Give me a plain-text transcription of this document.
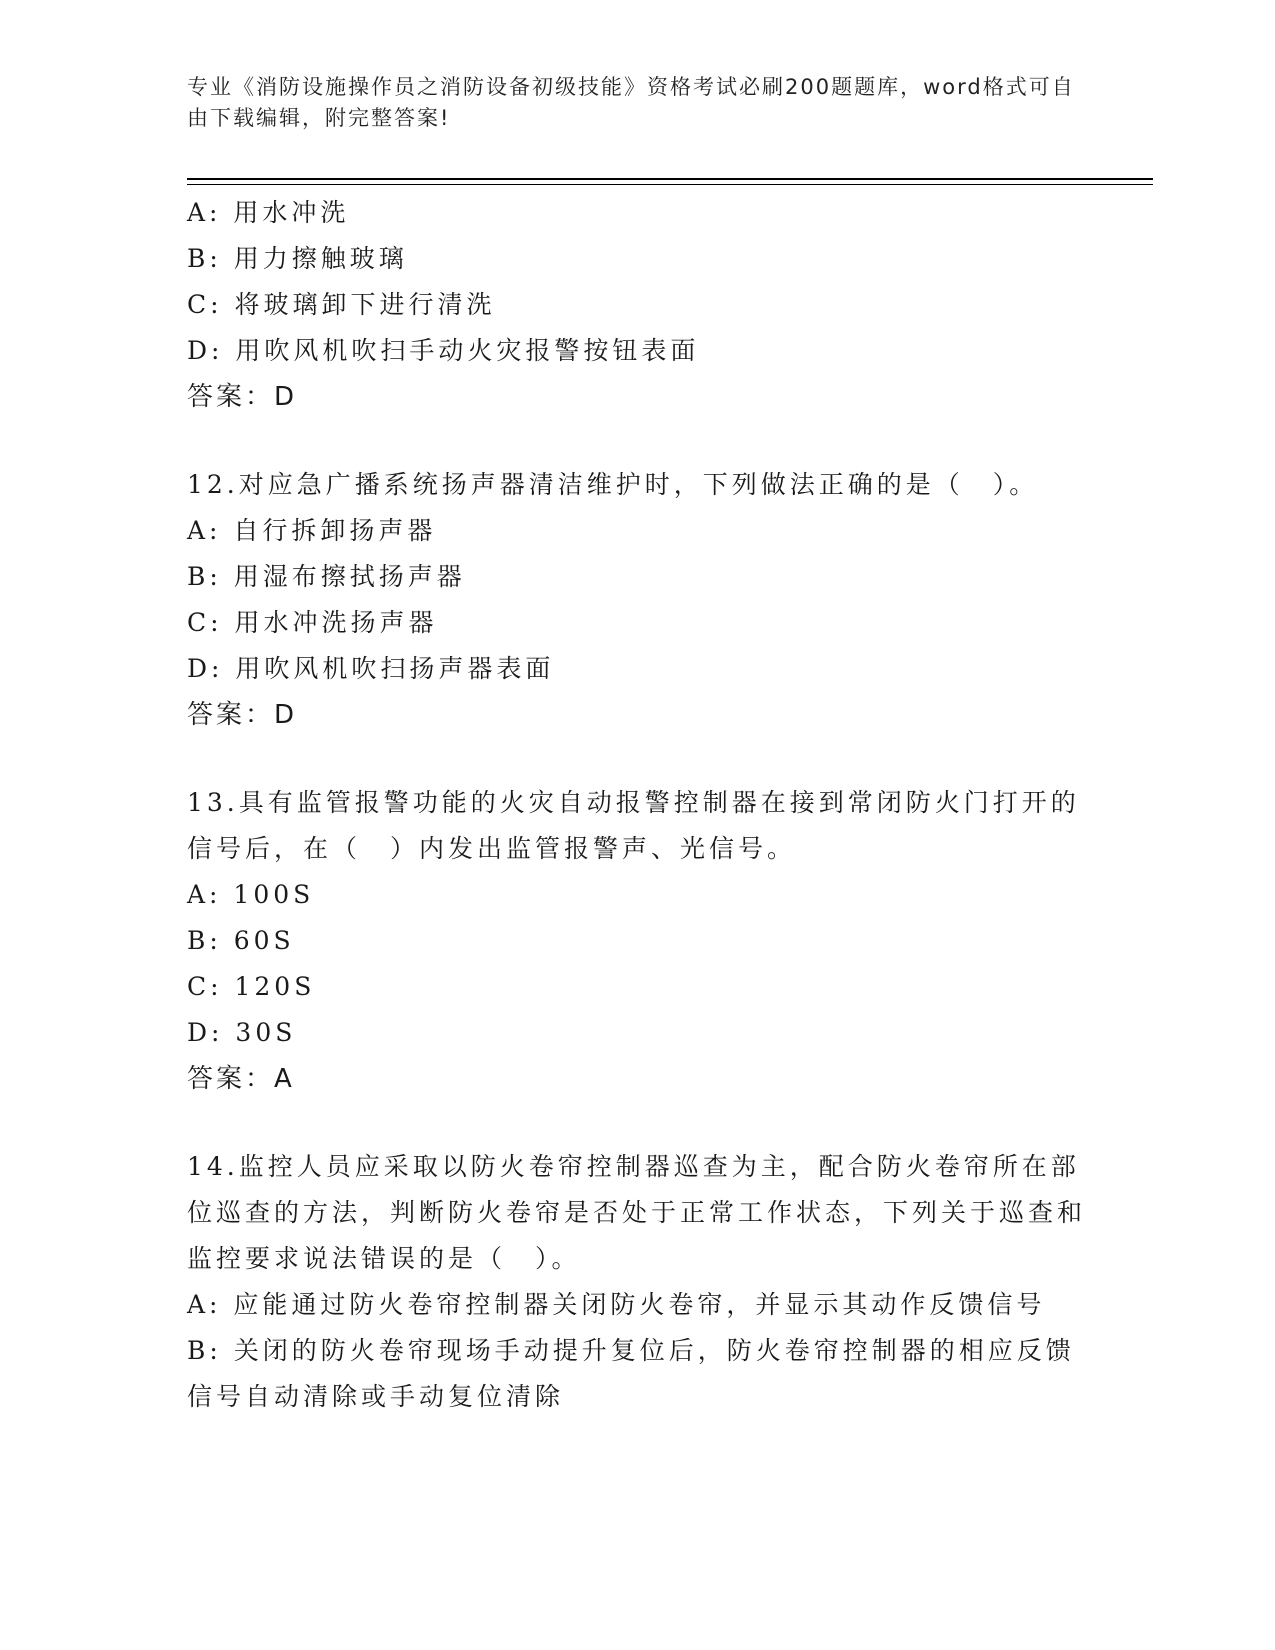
专业《消防设施操作员之消防设备初级技能》资格考试必刷200题题库，word格式可自由下载编辑，附完整答案!
A: 用水冲洗
B: 用力擦触玻璃
C: 将玻璃卸下进行清洗
D: 用吹风机吹扫手动火灾报警按钮表面
答案：D
12.对应急广播系统扬声器清洁维护时，下列做法正确的是（　）。
A: 自行拆卸扬声器
B: 用湿布擦拭扬声器
C: 用水冲洗扬声器
D: 用吹风机吹扫扬声器表面
答案：D
13.具有监管报警功能的火灾自动报警控制器在接到常闭防火门打开的信号后，在（　）内发出监管报警声、光信号。
A: 100S
B: 60S
C: 120S
D: 30S
答案：A
14.监控人员应采取以防火卷帘控制器巡查为主，配合防火卷帘所在部位巡查的方法，判断防火卷帘是否处于正常工作状态，下列关于巡查和监控要求说法错误的是（　）。
A: 应能通过防火卷帘控制器关闭防火卷帘，并显示其动作反馈信号
B: 关闭的防火卷帘现场手动提升复位后，防火卷帘控制器的相应反馈信号自动清除或手动复位清除
